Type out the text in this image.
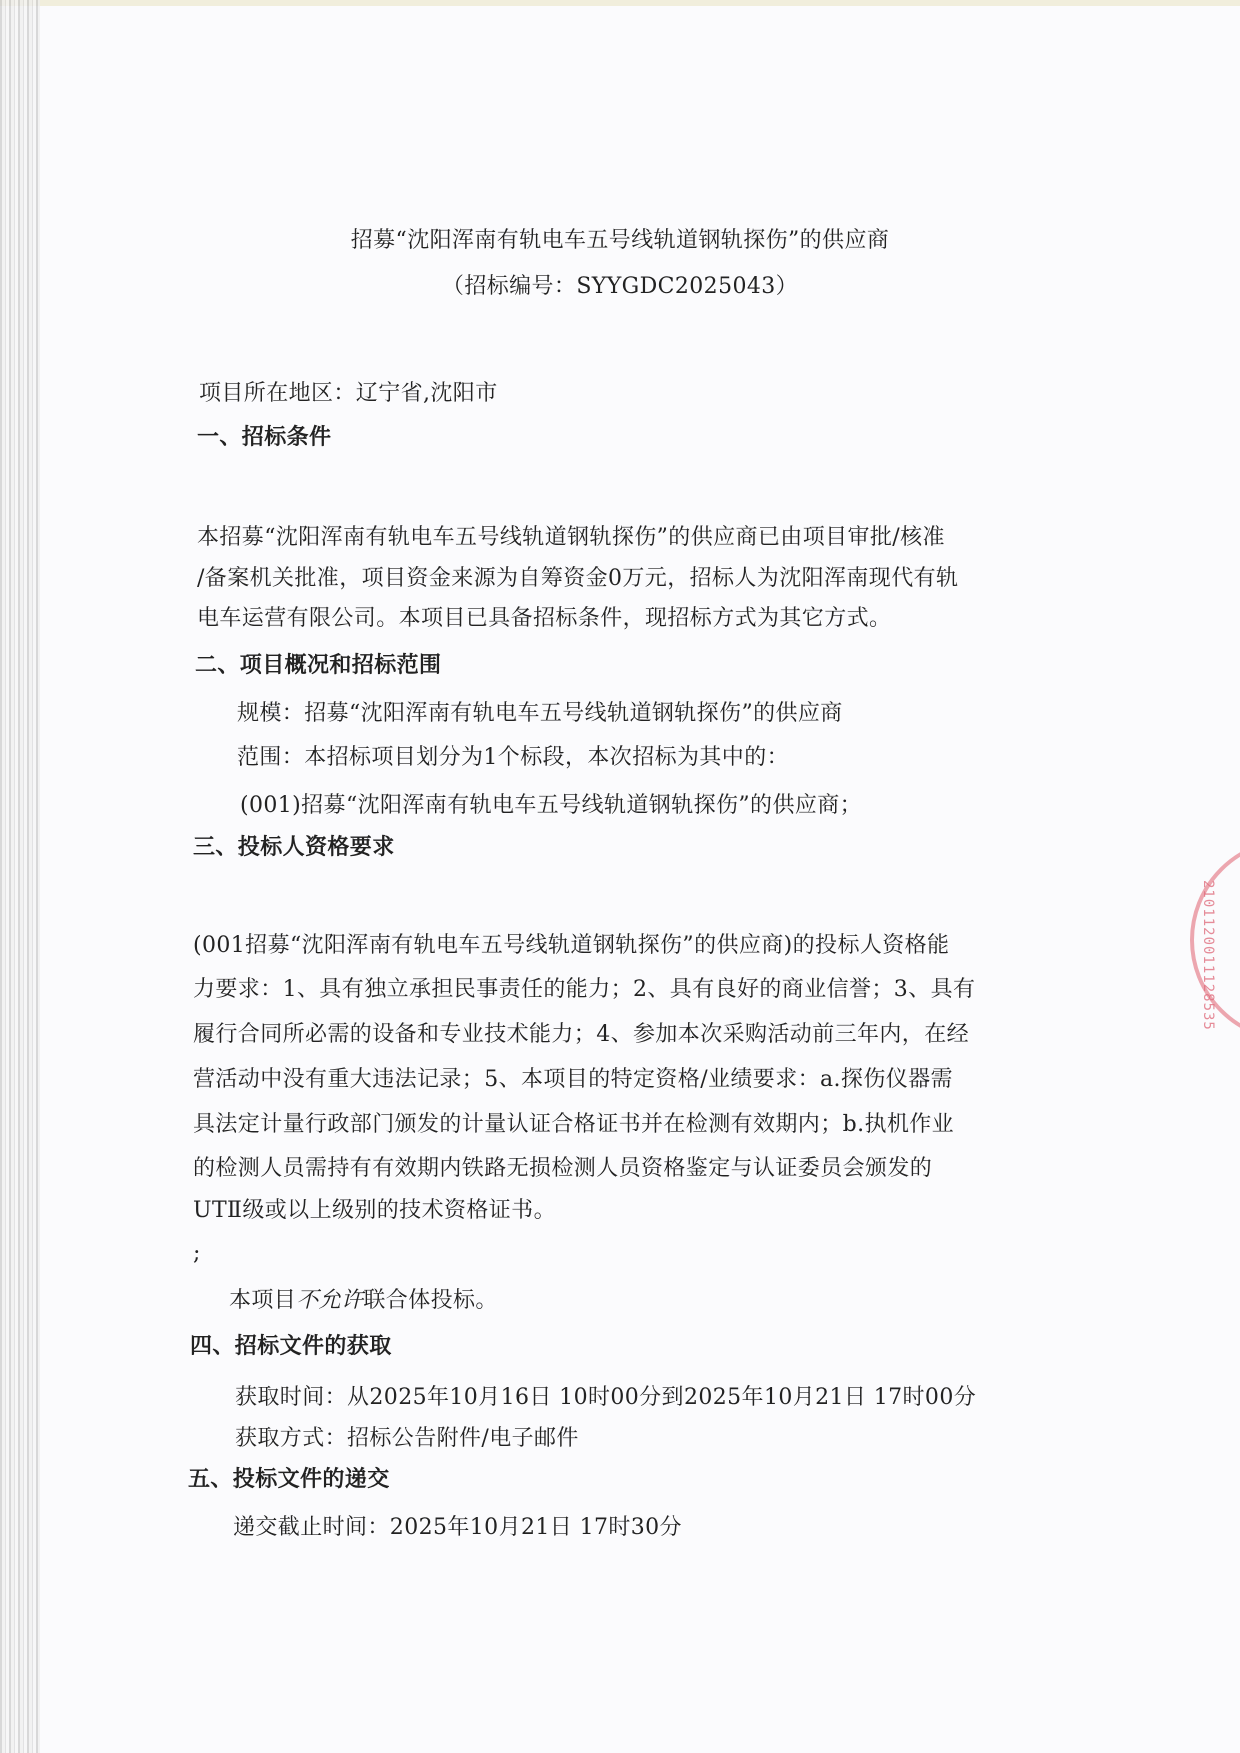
招募“沈阳浑南有轨电车五号线轨道钢轨探伤”的供应商
（招标编号：SYYGDC2025043）
项目所在地区：辽宁省,沈阳市
一、招标条件
本招募“沈阳浑南有轨电车五号线轨道钢轨探伤”的供应商已由项目审批/核准
/备案机关批准，项目资金来源为自筹资金0万元，招标人为沈阳浑南现代有轨
电车运营有限公司。本项目已具备招标条件，现招标方式为其它方式。
二、项目概况和招标范围
规模：招募“沈阳浑南有轨电车五号线轨道钢轨探伤”的供应商
范围：本招标项目划分为1个标段，本次招标为其中的：
(001)招募“沈阳浑南有轨电车五号线轨道钢轨探伤”的供应商；
三、投标人资格要求
(001招募“沈阳浑南有轨电车五号线轨道钢轨探伤”的供应商)的投标人资格能
力要求：1、具有独立承担民事责任的能力；2、具有良好的商业信誉；3、具有
履行合同所必需的设备和专业技术能力；4、参加本次采购活动前三年内，在经
营活动中没有重大违法记录；5、本项目的特定资格/业绩要求：a.探伤仪器需
具法定计量行政部门颁发的计量认证合格证书并在检测有效期内；b.执机作业
的检测人员需持有有效期内铁路无损检测人员资格鉴定与认证委员会颁发的
UTⅡ级或以上级别的技术资格证书。
;
本项目不允许联合体投标。
四、招标文件的获取
获取时间：从2025年10月16日 10时00分到2025年10月21日 17时00分
获取方式：招标公告附件/电子邮件
五、投标文件的递交
递交截止时间：2025年10月21日 17时30分
2101120011128535
